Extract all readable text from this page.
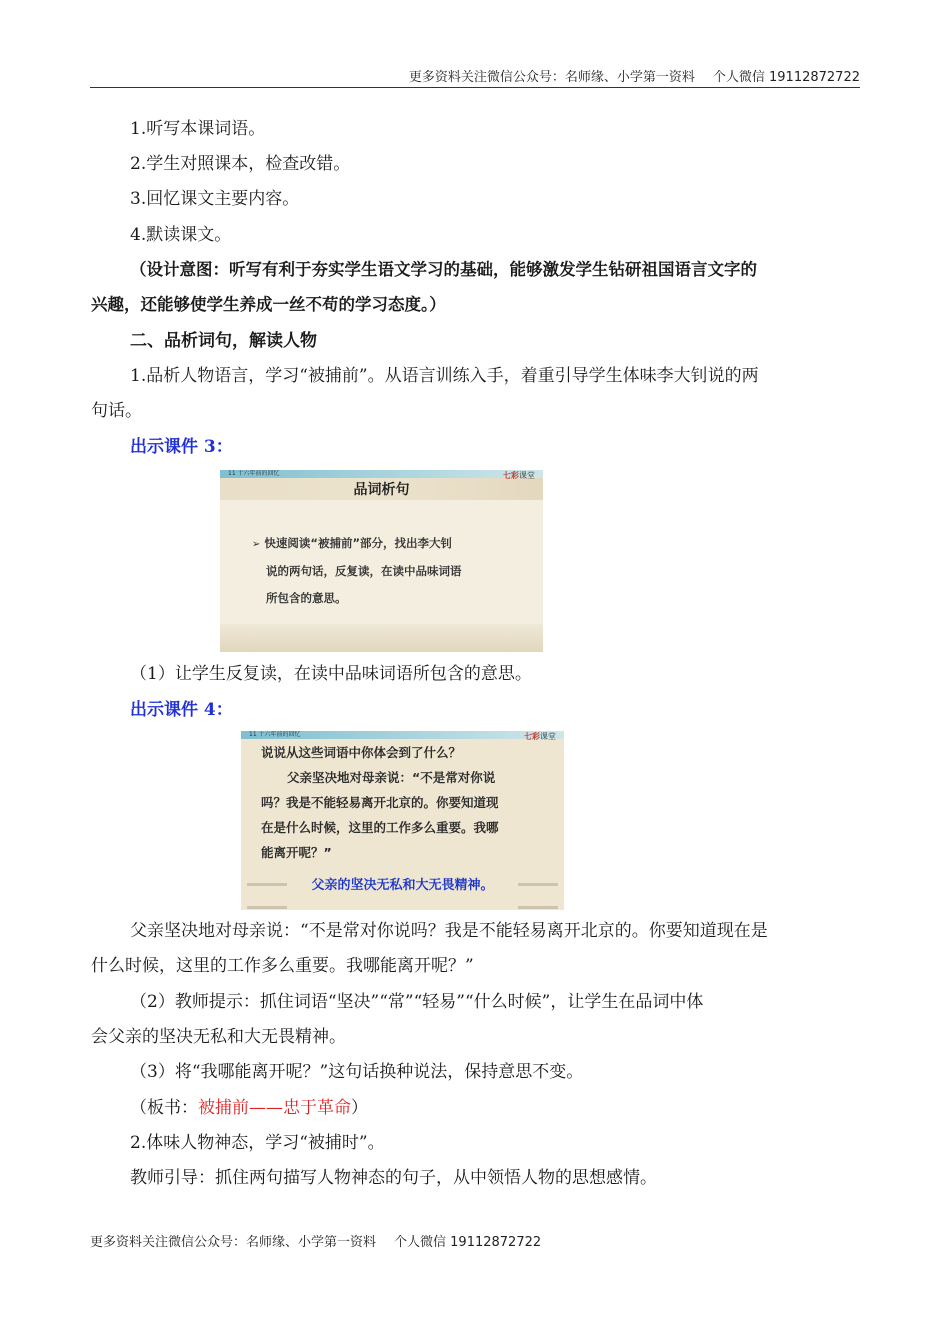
更多资料关注微信公众号：名师缘、小学第一资料 个人微信 19112872722
1.听写本课词语。
2.学生对照课本，检查改错。
3.回忆课文主要内容。
4.默读课文。
（设计意图：听写有利于夯实学生语文学习的基础，能够激发学生钻研祖国语言文字的
兴趣，还能够使学生养成一丝不苟的学习态度。）
二、品析词句，解读人物
1.品析人物语言，学习“被捕前”。从语言训练入手，着重引导学生体味李大钊说的两
句话。
出示课件 3：
11 十六年前的回忆	七彩课堂
品词析句
➢ 快速阅读“被捕前”部分，找出李大钊
说的两句话，反复读，在读中品味词语
所包含的意思。
（1）让学生反复读，在读中品味词语所包含的意思。
出示课件 4：
11 十六年前的回忆	七彩课堂
说说从这些词语中你体会到了什么？
父亲坚决地对母亲说：“不是常对你说
吗？我是不能轻易离开北京的。你要知道现
在是什么时候，这里的工作多么重要。我哪
能离开呢？”
父亲的坚决无私和大无畏精神。
父亲坚决地对母亲说：“不是常对你说吗？我是不能轻易离开北京的。你要知道现在是
什么时候，这里的工作多么重要。我哪能离开呢？”
（2）教师提示：抓住词语“坚决”“常”“轻易”“什么时候”，让学生在品词中体
会父亲的坚决无私和大无畏精神。
（3）将“我哪能离开呢？”这句话换种说法，保持意思不变。
（板书：被捕前——忠于革命）
2.体味人物神态，学习“被捕时”。
教师引导：抓住两句描写人物神态的句子，从中领悟人物的思想感情。
更多资料关注微信公众号：名师缘、小学第一资料 个人微信 19112872722
